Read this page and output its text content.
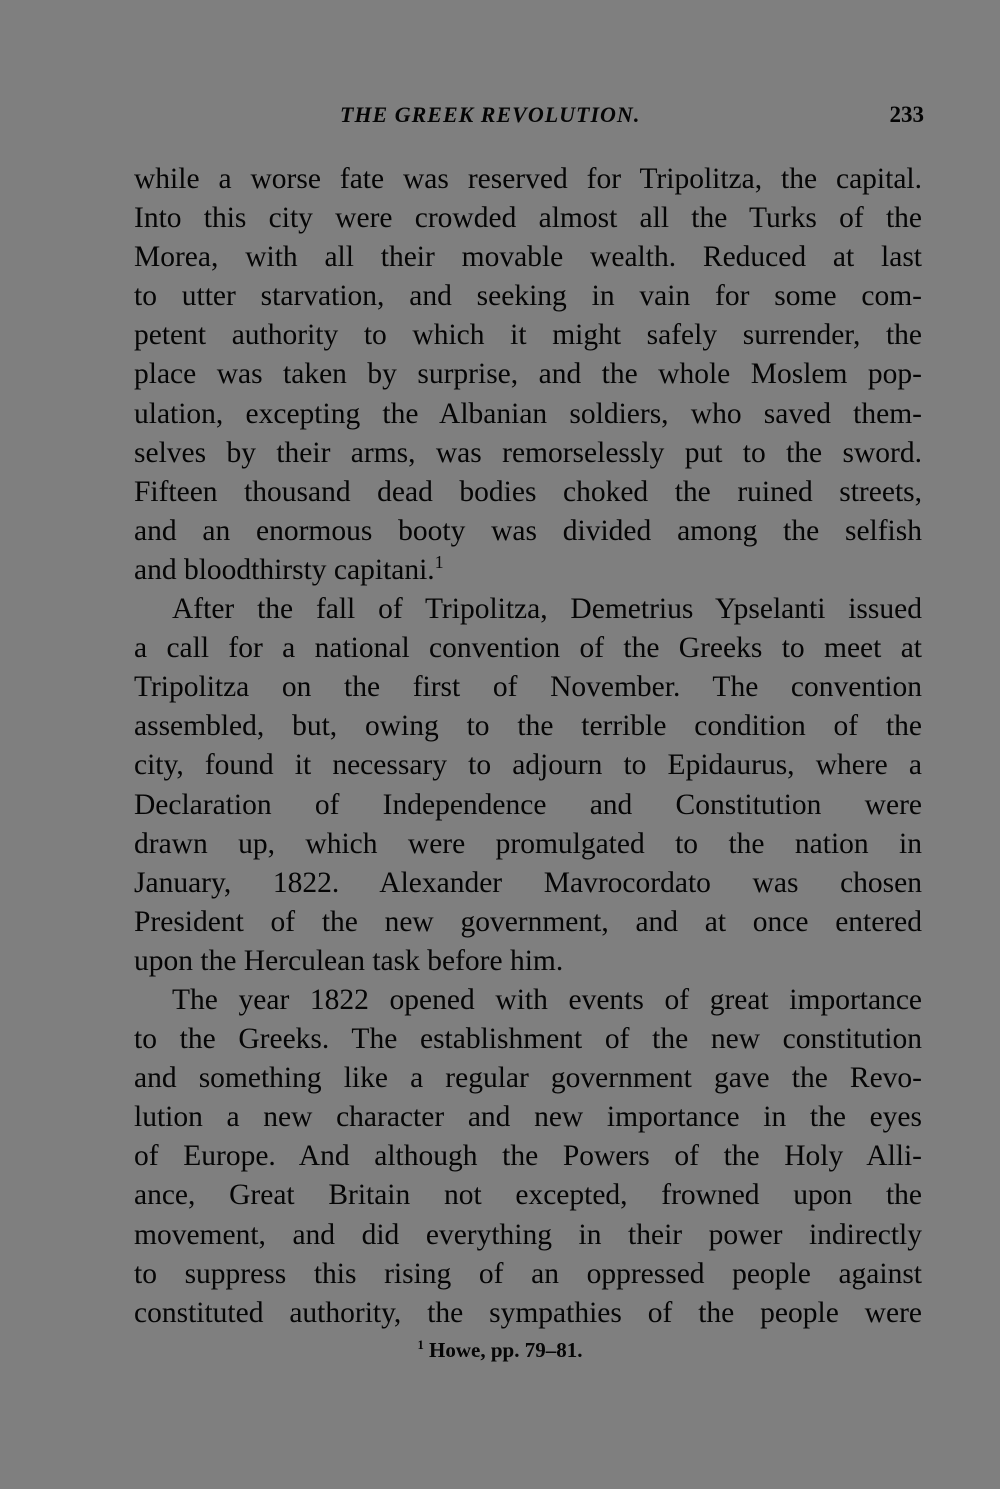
THE GREEK REVOLUTION.	233
while a worse fate was reserved for Tripolitza, the capital.
Into this city were crowded almost all the Turks of the
Morea, with all their movable wealth. Reduced at last
to utter starvation, and seeking in vain for some com-
petent authority to which it might safely surrender, the
place was taken by surprise, and the whole Moslem pop-
ulation, excepting the Albanian soldiers, who saved them-
selves by their arms, was remorselessly put to the sword.
Fifteen thousand dead bodies choked the ruined streets,
and an enormous booty was divided among the selfish
and bloodthirsty capitani.$^1$
After the fall of Tripolitza, Demetrius Ypselanti issued
a call for a national convention of the Greeks to meet at
Tripolitza on the first of November. The convention
assembled, but, owing to the terrible condition of the
city, found it necessary to adjourn to Epidaurus, where a
Declaration of Independence and Constitution were
drawn up, which were promulgated to the nation in
January, 1822. Alexander Mavrocordato was chosen
President of the new government, and at once entered
upon the Herculean task before him.
The year 1822 opened with events of great importance
to the Greeks. The establishment of the new constitution
and something like a regular government gave the Revo-
lution a new character and new importance in the eyes
of Europe. And although the Powers of the Holy Alli-
ance, Great Britain not excepted, frowned upon the
movement, and did everything in their power indirectly
to suppress this rising of an oppressed people against
constituted authority, the sympathies of the people were
$^1$ Howe, pp. 79–81.
